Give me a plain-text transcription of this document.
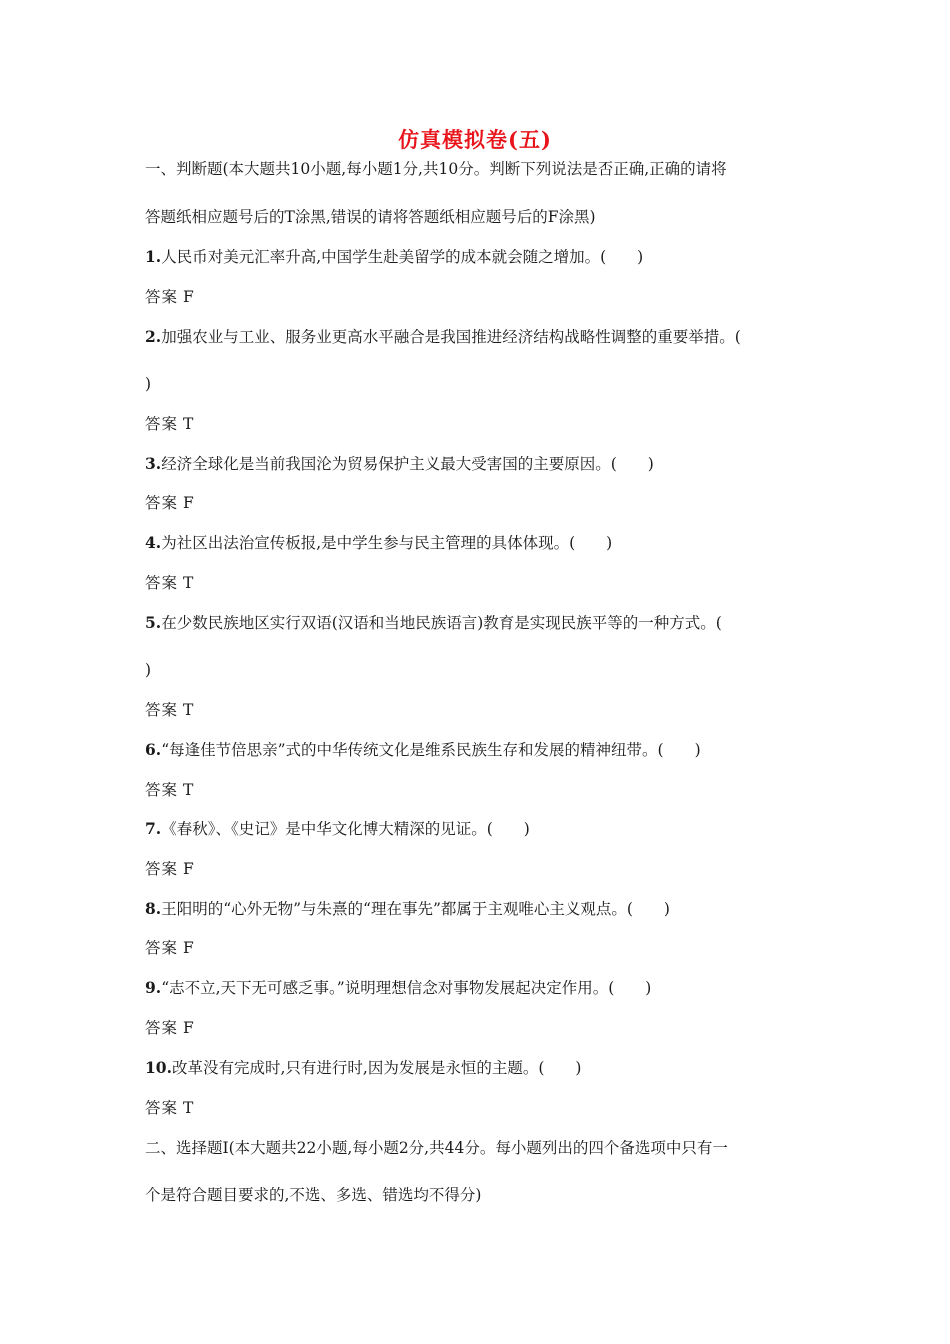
仿真模拟卷(五)
一、判断题(本大题共10小题,每小题1分,共10分。判断下列说法是否正确,正确的请将
答题纸相应题号后的T涂黑,错误的请将答题纸相应题号后的F涂黑)
1.人民币对美元汇率升高,中国学生赴美留学的成本就会随之增加。(　　)
答案 F
2.加强农业与工业、服务业更高水平融合是我国推进经济结构战略性调整的重要举措。(
)
答案 T
3.经济全球化是当前我国沦为贸易保护主义最大受害国的主要原因。(　　)
答案 F
4.为社区出法治宣传板报,是中学生参与民主管理的具体体现。(　　)
答案 T
5.在少数民族地区实行双语(汉语和当地民族语言)教育是实现民族平等的一种方式。(
)
答案 T
6.“每逢佳节倍思亲”式的中华传统文化是维系民族生存和发展的精神纽带。(　　)
答案 T
7.《春秋》、《史记》是中华文化博大精深的见证。(　　)
答案 F
8.王阳明的“心外无物”与朱熹的“理在事先”都属于主观唯心主义观点。(　　)
答案 F
9.“志不立,天下无可感乏事。”说明理想信念对事物发展起决定作用。(　　)
答案 F
10.改革没有完成时,只有进行时,因为发展是永恒的主题。(　　)
答案 T
二、选择题Ⅰ(本大题共22小题,每小题2分,共44分。每小题列出的四个备选项中只有一
个是符合题目要求的,不选、多选、错选均不得分)
